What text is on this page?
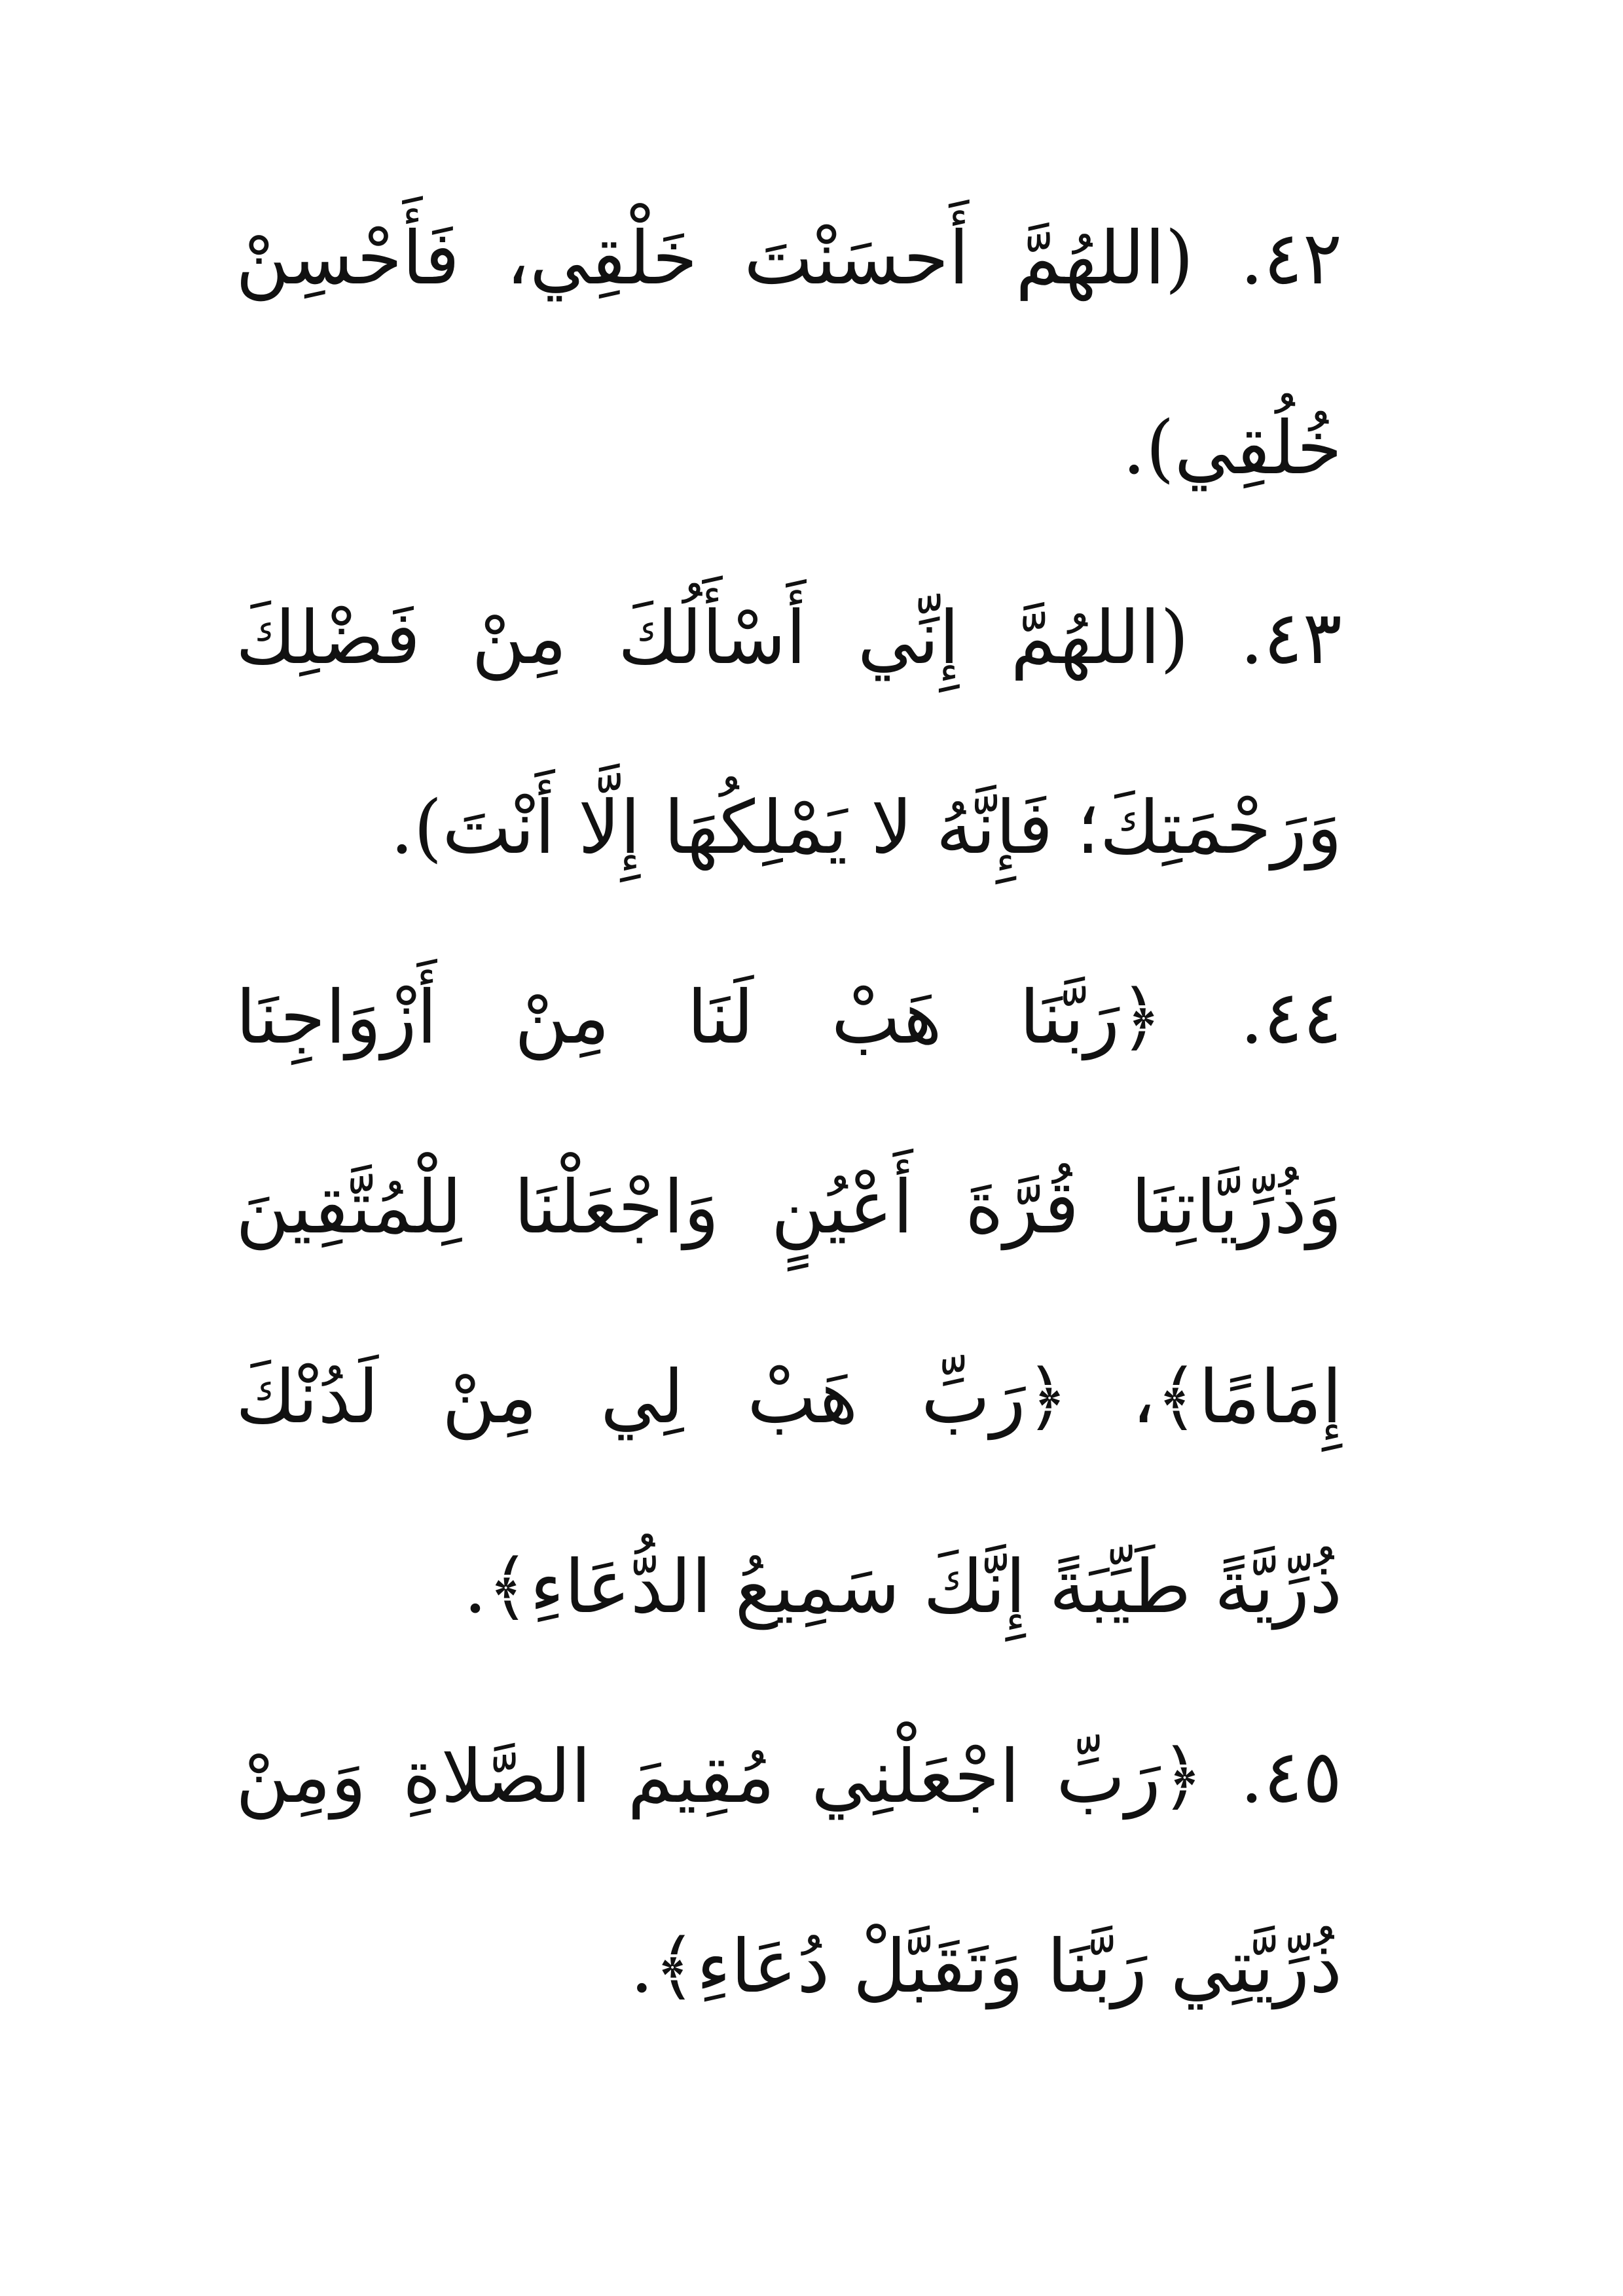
٤٢. (اللهُمَّ أَحسَنْتَ خَلْقِي، فَأَحْسِنْ
خُلُقِي).
٤٣. (اللهُمَّ إِنِّي أَسْأَلُكَ مِنْ فَضْلِكَ
وَرَحْمَتِكَ؛ فَإِنَّهُ لا يَمْلِكُهَا إِلَّا أَنْتَ).
٤٤. ﴿رَبَّنَا هَبْ لَنَا مِنْ أَزْوَاجِنَا
وَذُرِّيَّاتِنَا قُرَّةَ أَعْيُنٍ وَاجْعَلْنَا لِلْمُتَّقِينَ
إِمَامًا﴾، ﴿رَبِّ هَبْ لِي مِنْ لَدُنْكَ
ذُرِّيَّةً طَيِّبَةً إِنَّكَ سَمِيعُ الدُّعَاءِ﴾.
٤٥. ﴿رَبِّ اجْعَلْنِي مُقِيمَ الصَّلاةِ وَمِنْ
ذُرِّيَّتِي رَبَّنَا وَتَقَبَّلْ دُعَاءِ﴾.
